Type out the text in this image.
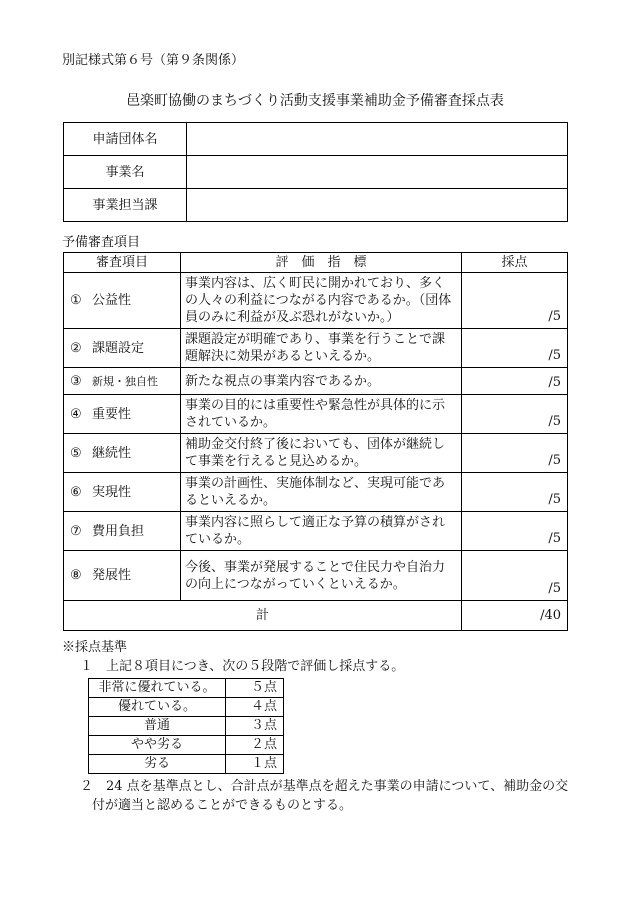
別記様式第６号（第９条関係）
邑楽町協働のまちづくり活動支援事業補助金予備審査採点表
申請団体名	
事業名	
事業担当課	
予備審査項目
審査項目	評　価　指　標	採点
① 公益性	事業内容は、広く町民に開かれており、多くの人々の利益につながる内容であるか。（団体員のみに利益が及ぶ恐れがないか。）	/5
② 課題設定	課題設定が明確であり、事業を行うことで課題解決に効果があるといえるか。	/5
③ 新規・独自性	新たな視点の事業内容であるか。	/5
④ 重要性	事業の目的には重要性や緊急性が具体的に示されているか。	/5
⑤ 継続性	補助金交付終了後においても、団体が継続して事業を行えると見込めるか。	/5
⑥ 実現性	事業の計画性、実施体制など、実現可能であるといえるか。	/5
⑦ 費用負担	事業内容に照らして適正な予算の積算がされているか。	/5
⑧ 発展性	今後、事業が発展することで住民力や自治力の向上につながっていくといえるか。	/5
計		/40
※採点基準
１　上記８項目につき、次の５段階で評価し採点する。
非常に優れている。	５点
優れている。	４点
普通	３点
やや劣る	２点
劣る	１点
２　24 点を基準点とし、合計点が基準点を超えた事業の申請について、補助金の交
付が適当と認めることができるものとする。
